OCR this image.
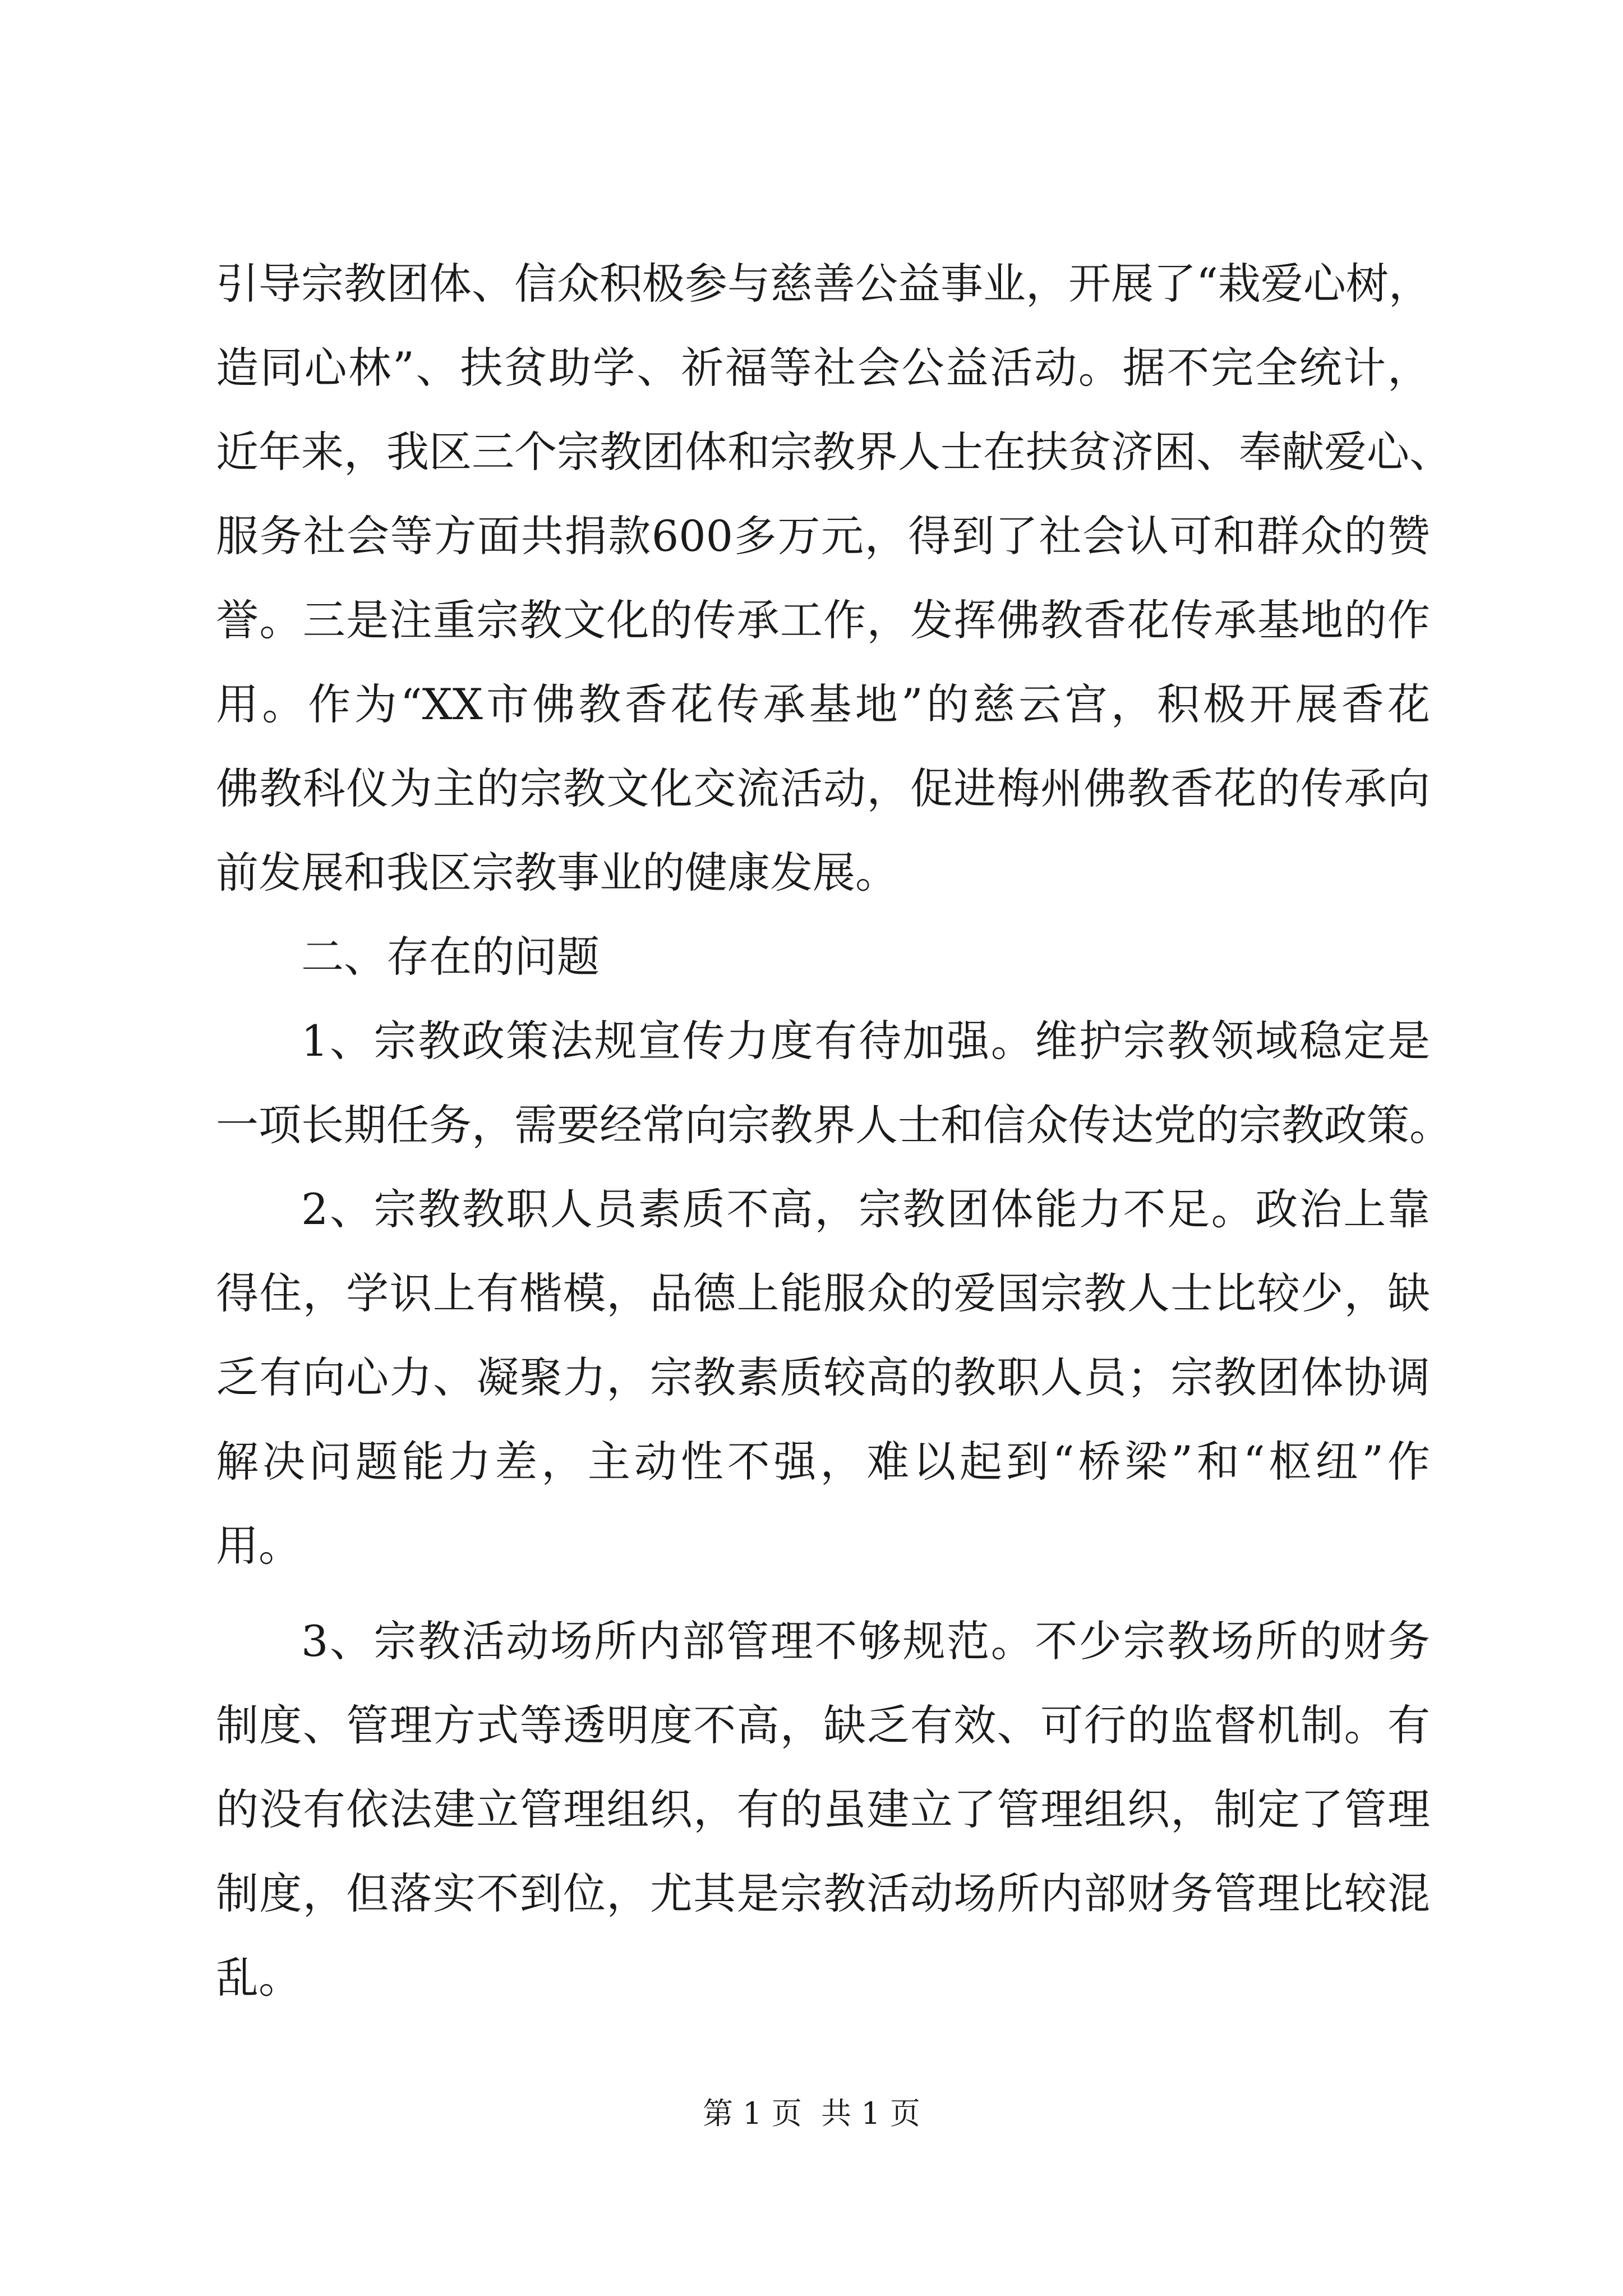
引导宗教团体、信众积极参与慈善公益事业，开展了“栽爱心树，
造同心林”、扶贫助学、祈福等社会公益活动。据不完全统计，
近年来，我区三个宗教团体和宗教界人士在扶贫济困、奉献爱心、
服务社会等方面共捐款600多万元，得到了社会认可和群众的赞
誉。三是注重宗教文化的传承工作，发挥佛教香花传承基地的作
用。作为“XX市佛教香花传承基地”的慈云宫，积极开展香花
佛教科仪为主的宗教文化交流活动，促进梅州佛教香花的传承向
前发展和我区宗教事业的健康发展。
二、存在的问题
1、宗教政策法规宣传力度有待加强。维护宗教领域稳定是
一项长期任务，需要经常向宗教界人士和信众传达党的宗教政策。
2、宗教教职人员素质不高，宗教团体能力不足。政治上靠
得住，学识上有楷模，品德上能服众的爱国宗教人士比较少，缺
乏有向心力、凝聚力，宗教素质较高的教职人员；宗教团体协调
解决问题能力差，主动性不强，难以起到“桥梁”和“枢纽”作
用。
3、宗教活动场所内部管理不够规范。不少宗教场所的财务
制度、管理方式等透明度不高，缺乏有效、可行的监督机制。有
的没有依法建立管理组织，有的虽建立了管理组织，制定了管理
制度，但落实不到位，尤其是宗教活动场所内部财务管理比较混
乱。
第 1 页  共 1 页
